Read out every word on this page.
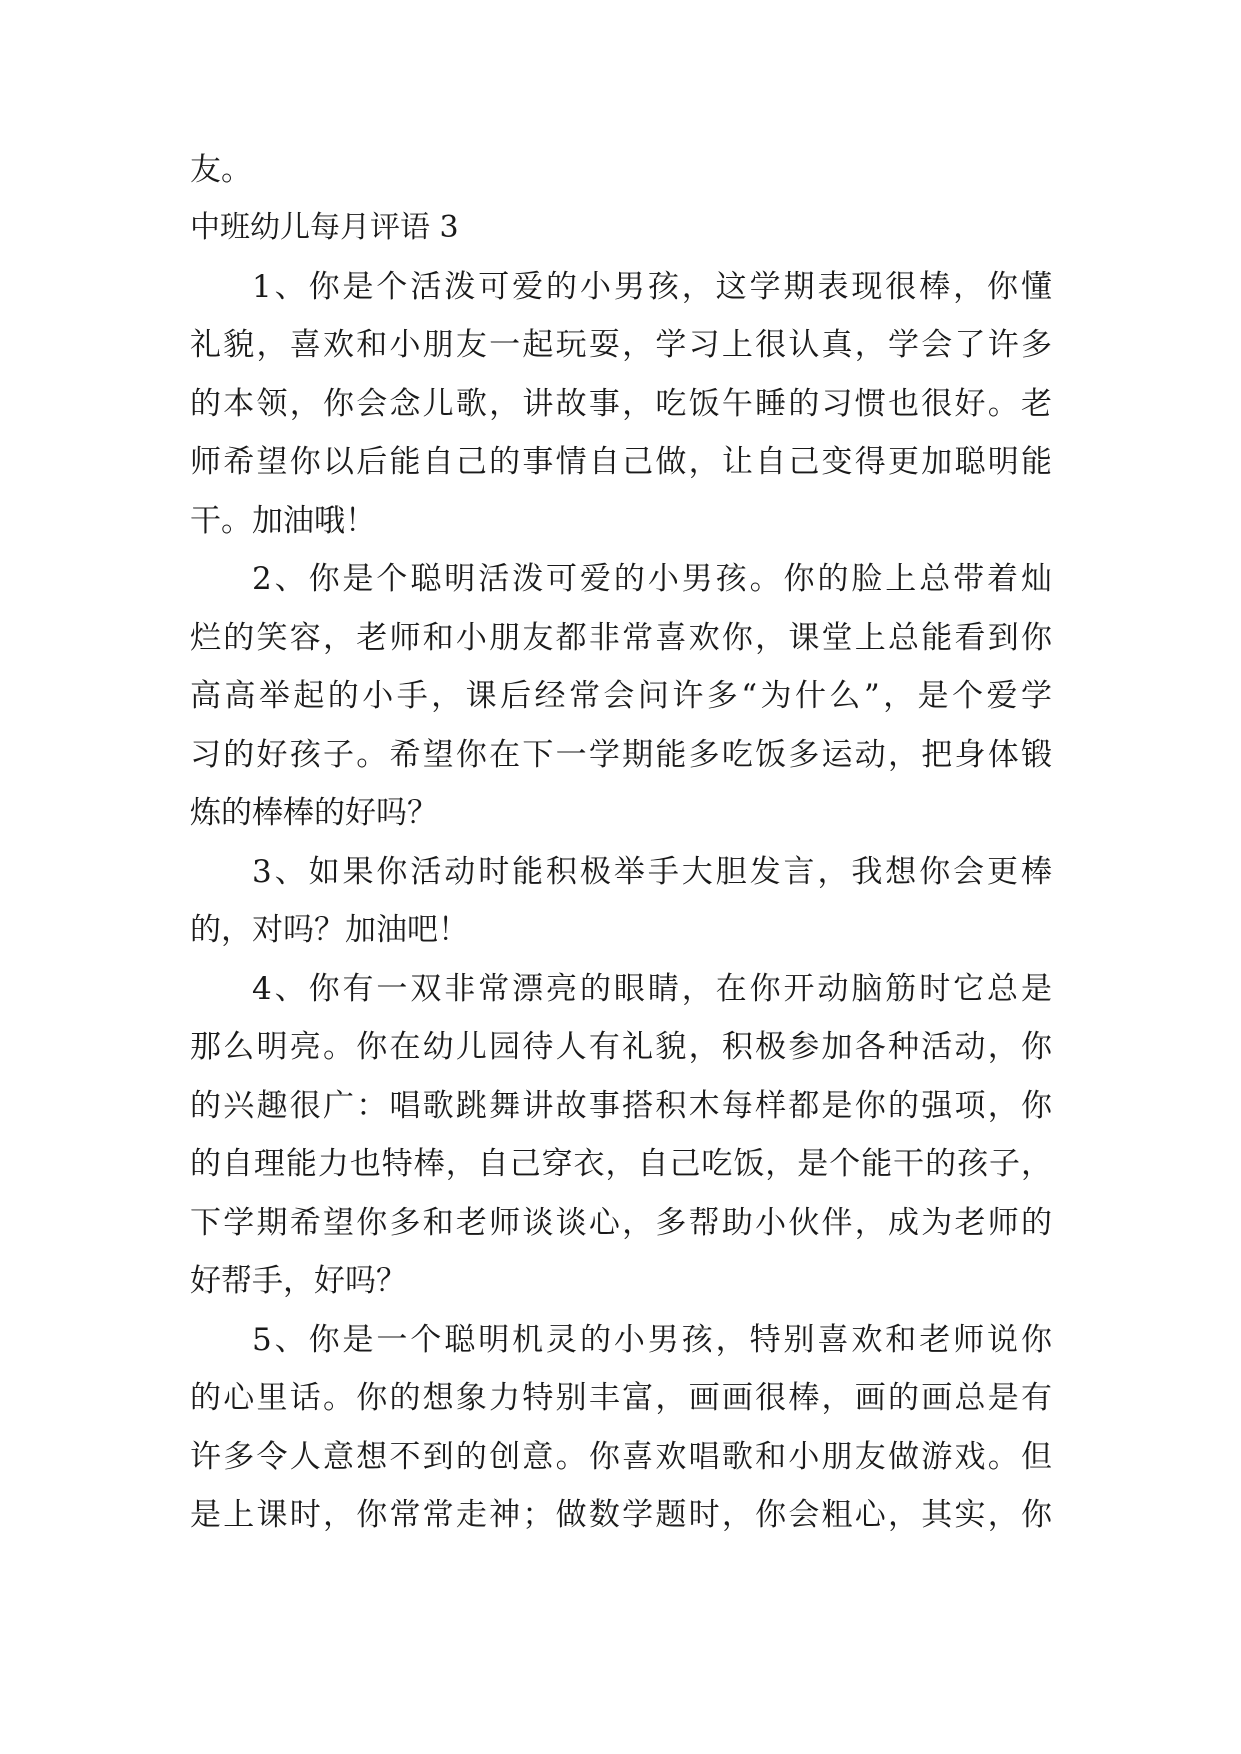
友。
中班幼儿每月评语 3
1、你是个活泼可爱的小男孩，这学期表现很棒，你懂
礼貌，喜欢和小朋友一起玩耍，学习上很认真，学会了许多
的本领，你会念儿歌，讲故事，吃饭午睡的习惯也很好。老
师希望你以后能自己的事情自己做，让自己变得更加聪明能
干。加油哦！
2、你是个聪明活泼可爱的小男孩。你的脸上总带着灿
烂的笑容，老师和小朋友都非常喜欢你，课堂上总能看到你
高高举起的小手，课后经常会问许多“为什么”，是个爱学
习的好孩子。希望你在下一学期能多吃饭多运动，把身体锻
炼的棒棒的好吗？
3、如果你活动时能积极举手大胆发言，我想你会更棒
的，对吗？加油吧！
4、你有一双非常漂亮的眼睛，在你开动脑筋时它总是
那么明亮。你在幼儿园待人有礼貌，积极参加各种活动，你
的兴趣很广：唱歌跳舞讲故事搭积木每样都是你的强项，你
的自理能力也特棒，自己穿衣，自己吃饭，是个能干的孩子，
下学期希望你多和老师谈谈心，多帮助小伙伴，成为老师的
好帮手，好吗？
5、你是一个聪明机灵的小男孩，特别喜欢和老师说你
的心里话。你的想象力特别丰富，画画很棒，画的画总是有
许多令人意想不到的创意。你喜欢唱歌和小朋友做游戏。但
是上课时，你常常走神；做数学题时，你会粗心，其实，你
